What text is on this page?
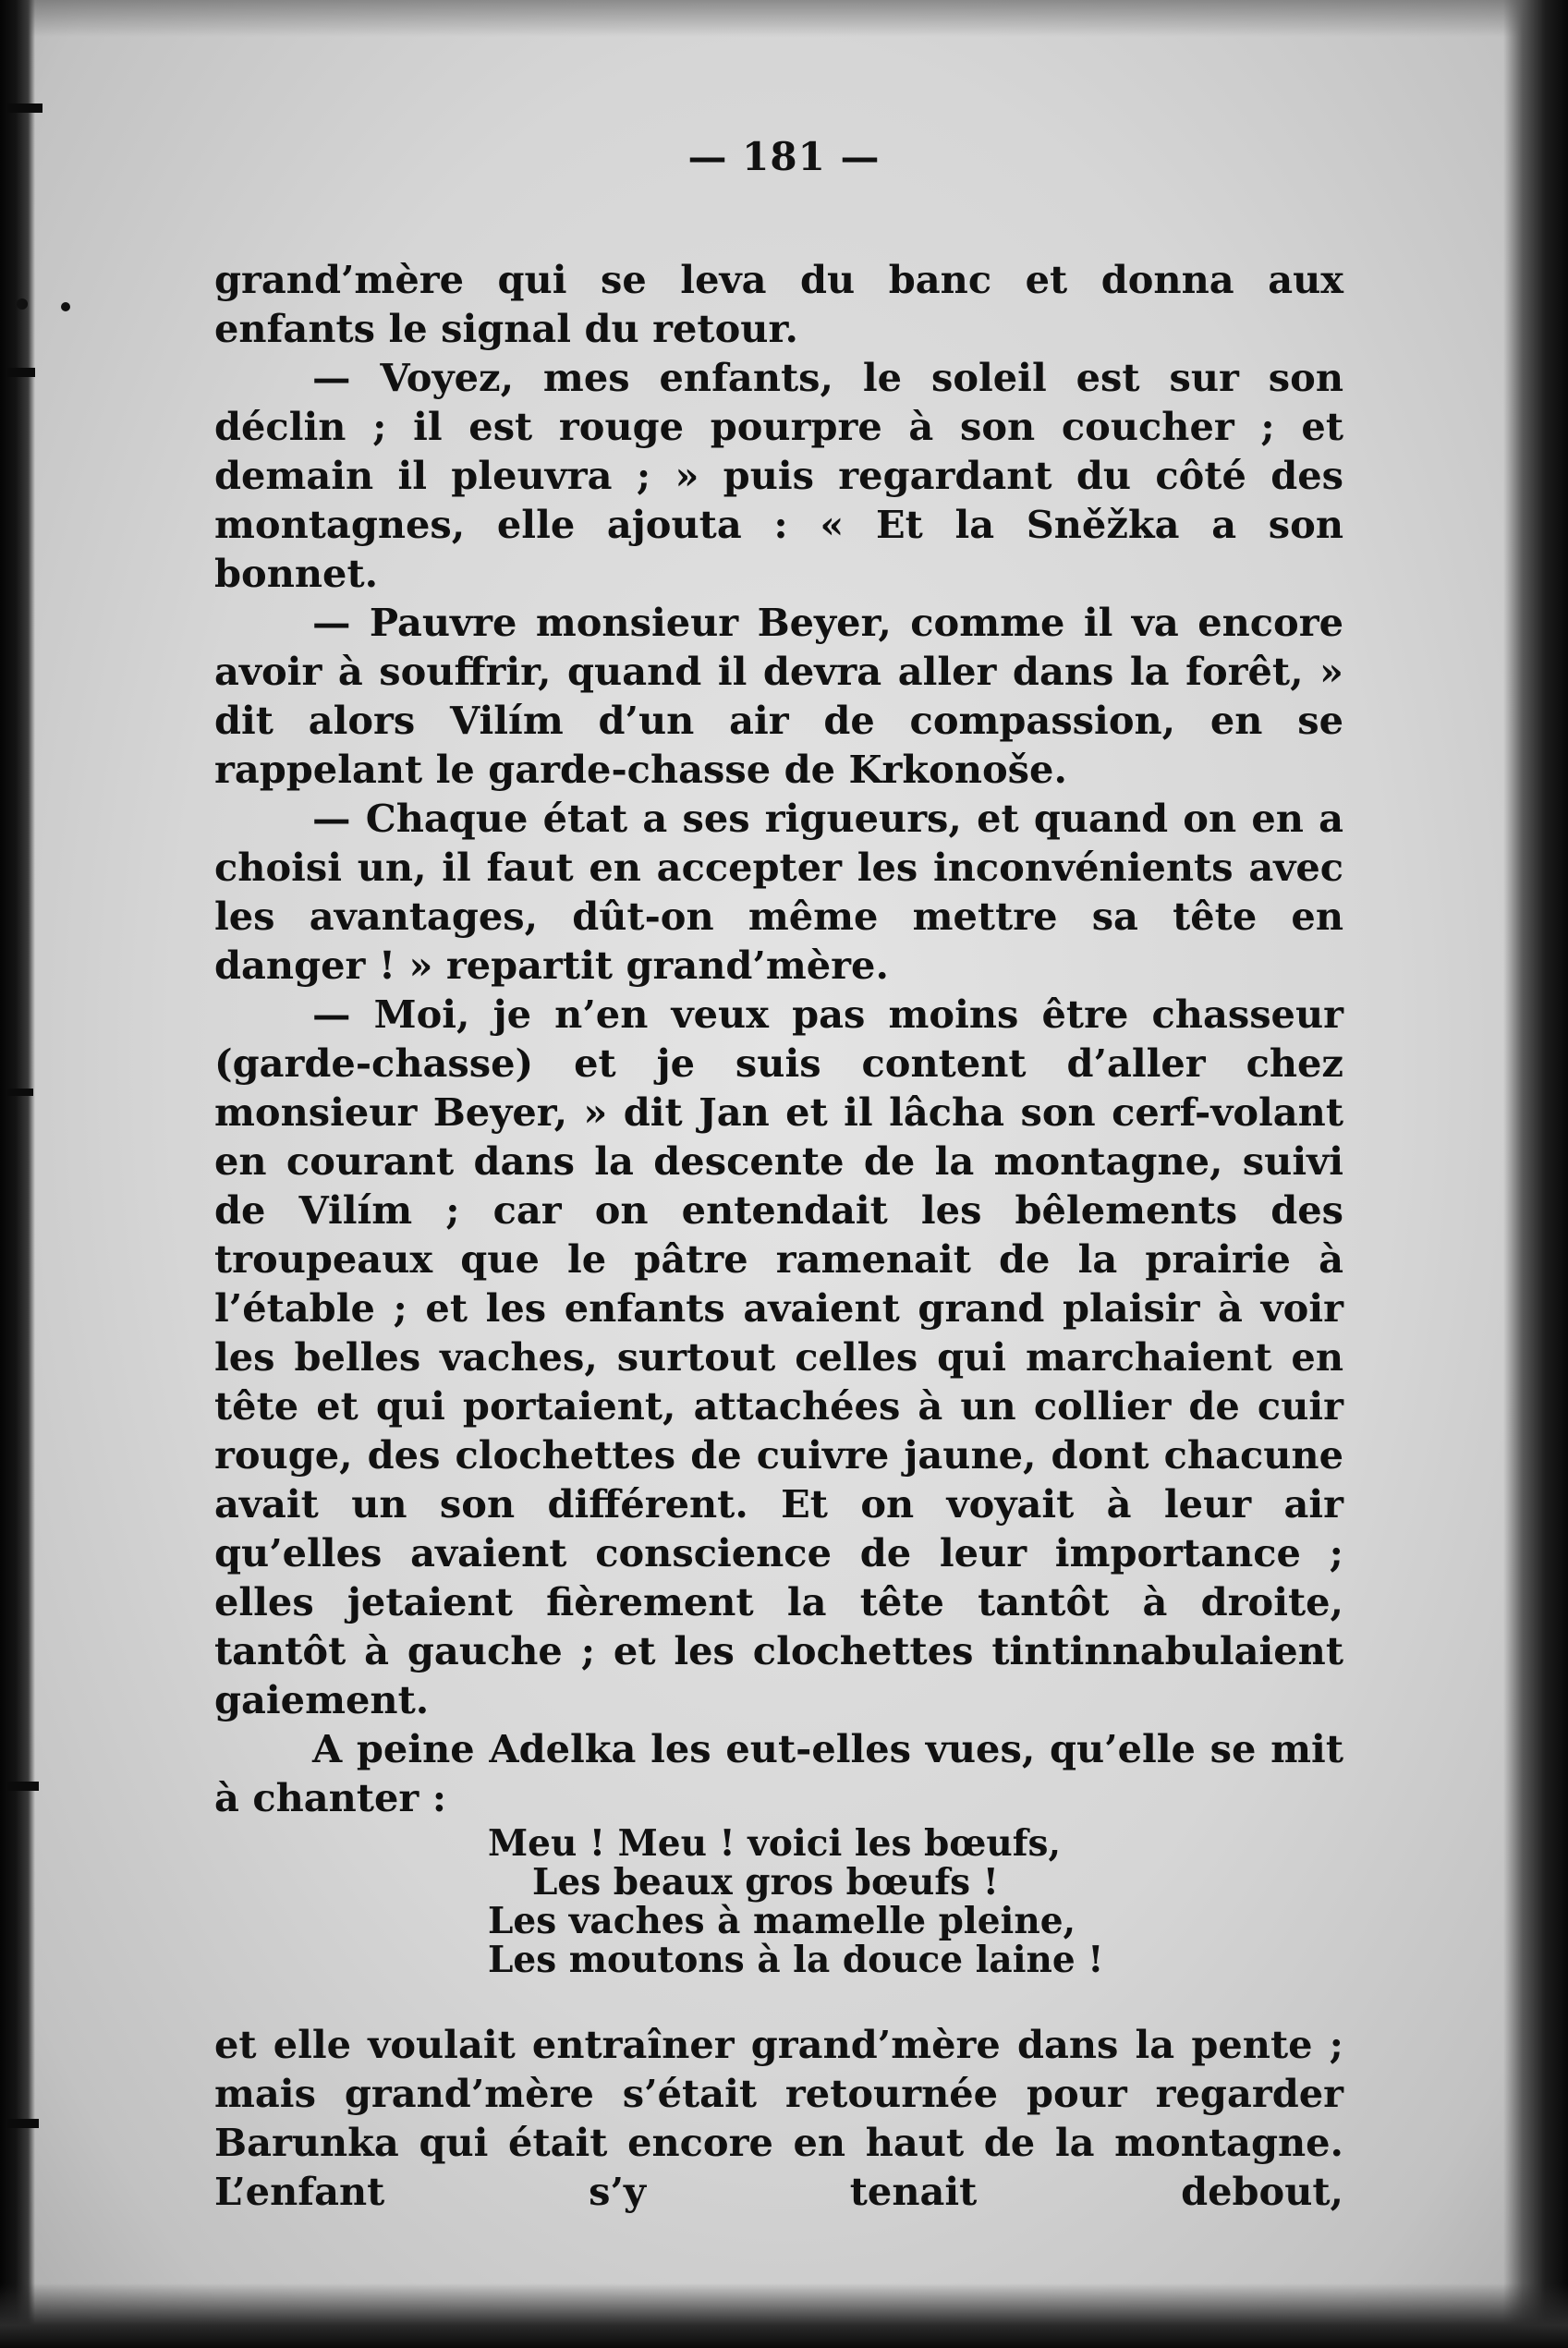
— 181 —

grand’mère qui se leva du banc et donna aux enfants le signal du retour.

— Voyez, mes enfants, le soleil est sur son déclin ; il est rouge pourpre à son coucher ; et demain il pleuvra ; » puis regardant du côté des montagnes, elle ajouta : « Et la Sněžka a son bonnet.

— Pauvre monsieur Beyer, comme il va encore avoir à souffrir, quand il devra aller dans la forêt, » dit alors Vilím d’un air de compassion, en se rappelant le garde-chasse de Krkonoše.

— Chaque état a ses rigueurs, et quand on en a choisi un, il faut en accepter les inconvénients avec les avantages, dût-on même mettre sa tête en danger ! » repartit grand’mère.

— Moi, je n’en veux pas moins être chasseur (garde-chasse) et je suis content d’aller chez monsieur Beyer, » dit Jan et il lâcha son cerf-volant en courant dans la descente de la montagne, suivi de Vilím ; car on entendait les bêlements des troupeaux que le pâtre ramenait de la prairie à l’étable ; et les enfants avaient grand plaisir à voir les belles vaches, surtout celles qui marchaient en tête et qui portaient, attachées à un collier de cuir rouge, des clochettes de cuivre jaune, dont chacune avait un son différent. Et on voyait à leur air qu’elles avaient conscience de leur importance ; elles jetaient fièrement la tête tantôt à droite, tantôt à gauche ; et les clochettes tintinnabulaient gaiement.

A peine Adelka les eut-elles vues, qu’elle se mit à chanter :

Meu ! Meu ! voici les bœufs,
Les beaux gros bœufs !
Les vaches à mamelle pleine,
Les moutons à la douce laine !

et elle voulait entraîner grand’mère dans la pente ; mais grand’mère s’était retournée pour regarder Barunka qui était encore en haut de la montagne. L’enfant s’y tenait debout,
